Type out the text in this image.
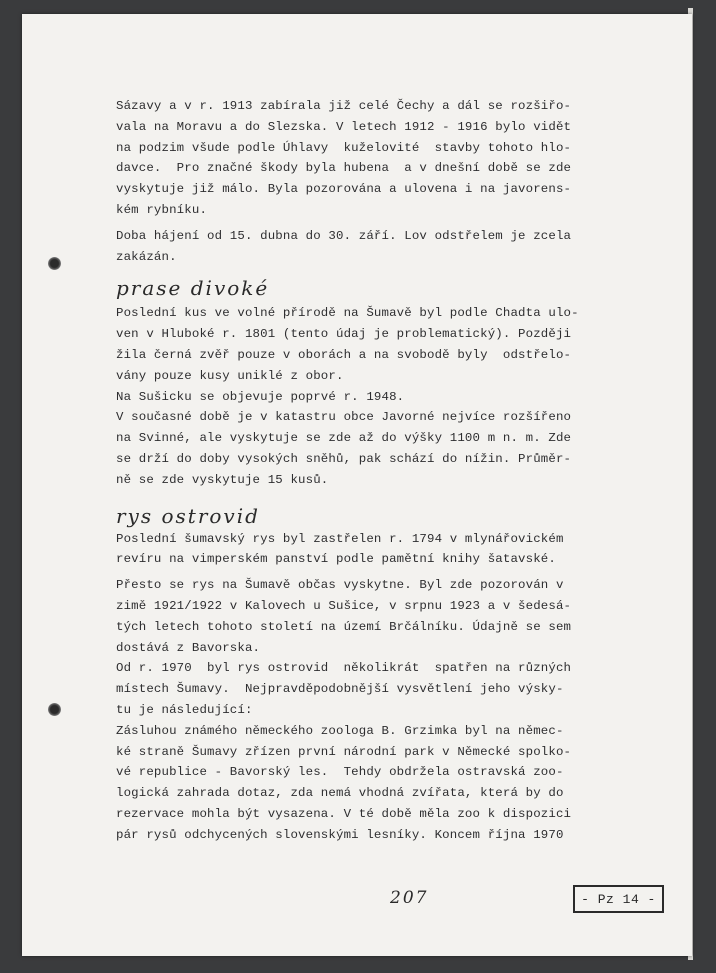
Sázavy a v r. 1913 zabírala již celé Čechy a dál se rozšiřo-
vala na Moravu a do Slezska. V letech 1912 - 1916 bylo vidět
na podzim všude podle Úhlavy  kuželovité  stavby tohoto hlo-
davce.  Pro značné škody byla hubena  a v dnešní době se zde
vyskytuje již málo. Byla pozorována a ulovena i na javorens-
kém rybníku.
Doba hájení od 15. dubna do 30. září. Lov odstřelem je zcela
zakázán.
prase divoké
Poslední kus ve volné přírodě na Šumavě byl podle Chadta ulo-
ven v Hluboké r. 1801 (tento údaj je problematický). Později
žila černá zvěř pouze v oborách a na svobodě byly  odstřelo-
vány pouze kusy uniklé z obor.
Na Sušicku se objevuje poprvé r. 1948.
V současné době je v katastru obce Javorné nejvíce rozšířeno
na Svinné, ale vyskytuje se zde až do výšky 1100 m n. m. Zde
se drží do doby vysokých sněhů, pak schází do nížin. Průměr-
ně se zde vyskytuje 15 kusů.
rys ostrovid
Poslední šumavský rys byl zastřelen r. 1794 v mlynářovickém
revíru na vimperském panství podle pamětní knihy šatavské.
Přesto se rys na Šumavě občas vyskytne. Byl zde pozorován v
zimě 1921/1922 v Kalovech u Sušice, v srpnu 1923 a v šedesá-
tých letech tohoto století na území Brčálníku. Údajně se sem
dostává z Bavorska.
Od r. 1970  byl rys ostrovid  několikrát  spatřen na různých
místech Šumavy.  Nejpravděpodobnější vysvětlení jeho výsky-
tu je následující:
Zásluhou známého německého zoologa B. Grzimka byl na němec-
ké straně Šumavy zřízen první národní park v Německé spolko-
vé republice - Bavorský les.  Tehdy obdržela ostravská zoo-
logická zahrada dotaz, zda nemá vhodná zvířata, která by do
rezervace mohla být vysazena. V té době měla zoo k dispozici
pár rysů odchycených slovenskými lesníky. Koncem října 1970
207	- Pz 14 -
